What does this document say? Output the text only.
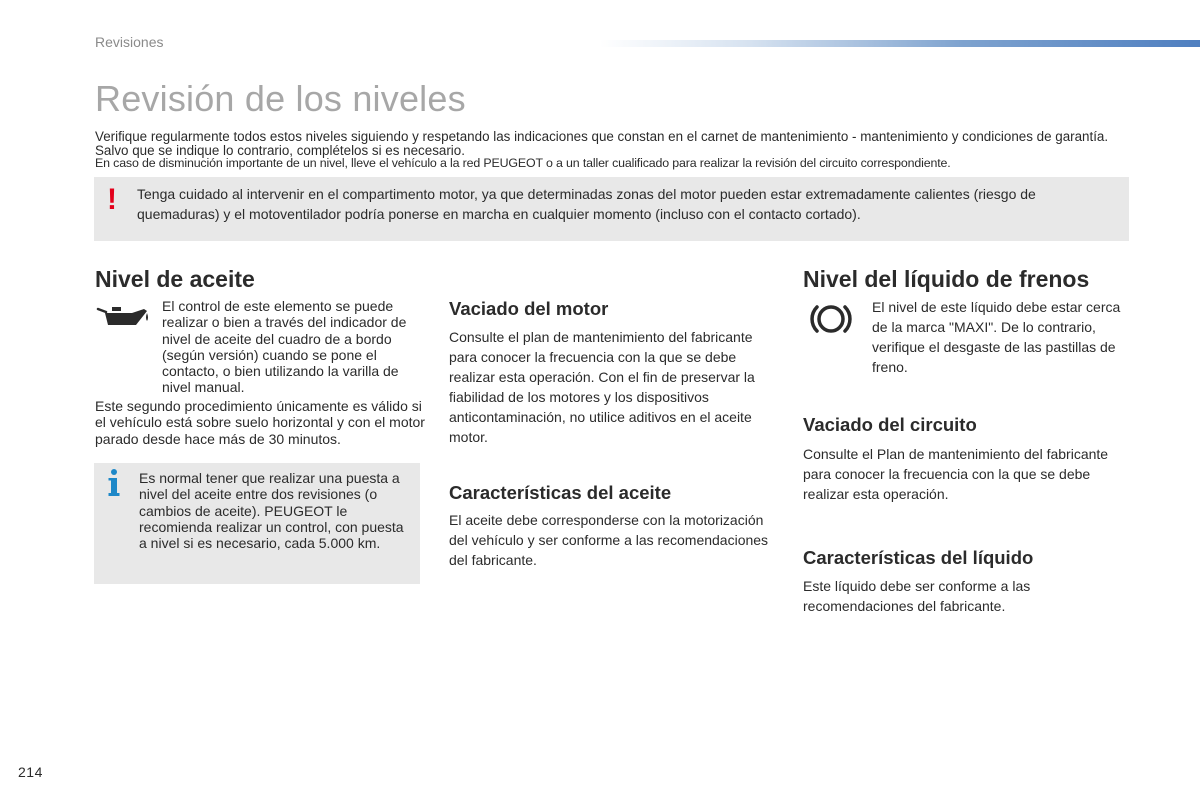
Revisiones
Revisión de los niveles

Verifique regularmente todos estos niveles siguiendo y respetando las indicaciones que constan en el carnet de mantenimiento - mantenimiento y condiciones de garantía. Salvo que se indique lo contrario, complételos si es necesario.

En caso de disminución importante de un nivel, lleve el vehículo a la red PEUGEOT o a un taller cualificado para realizar la revisión del circuito correspondiente.

! Tenga cuidado al intervenir en el compartimento motor, ya que determinadas zonas del motor pueden estar extremadamente calientes (riesgo de quemaduras) y el motoventilador podría ponerse en marcha en cualquier momento (incluso con el contacto cortado).
Nivel de aceite
El control de este elemento se puede realizar o bien a través del indicador de nivel de aceite del cuadro de a bordo (según versión) cuando se pone el contacto, o bien utilizando la varilla de nivel manual.
Este segundo procedimiento únicamente es válido si el vehículo está sobre suelo horizontal y con el motor parado desde hace más de 30 minutos.
Es normal tener que realizar una puesta a nivel del aceite entre dos revisiones (o cambios de aceite). PEUGEOT le recomienda realizar un control, con puesta a nivel si es necesario, cada 5.000 km.
Vaciado del motor
Consulte el plan de mantenimiento del fabricante para conocer la frecuencia con la que se debe realizar esta operación. Con el fin de preservar la fiabilidad de los motores y los dispositivos anticontaminación, no utilice aditivos en el aceite motor.
Características del aceite
El aceite debe corresponderse con la motorización del vehículo y ser conforme a las recomendaciones del fabricante.
Nivel del líquido de frenos
El nivel de este líquido debe estar cerca de la marca "MAXI". De lo contrario, verifique el desgaste de las pastillas de freno.
Vaciado del circuito
Consulte el Plan de mantenimiento del fabricante para conocer la frecuencia con la que se debe realizar esta operación.
Características del líquido
Este líquido debe ser conforme a las recomendaciones del fabricante.
214
